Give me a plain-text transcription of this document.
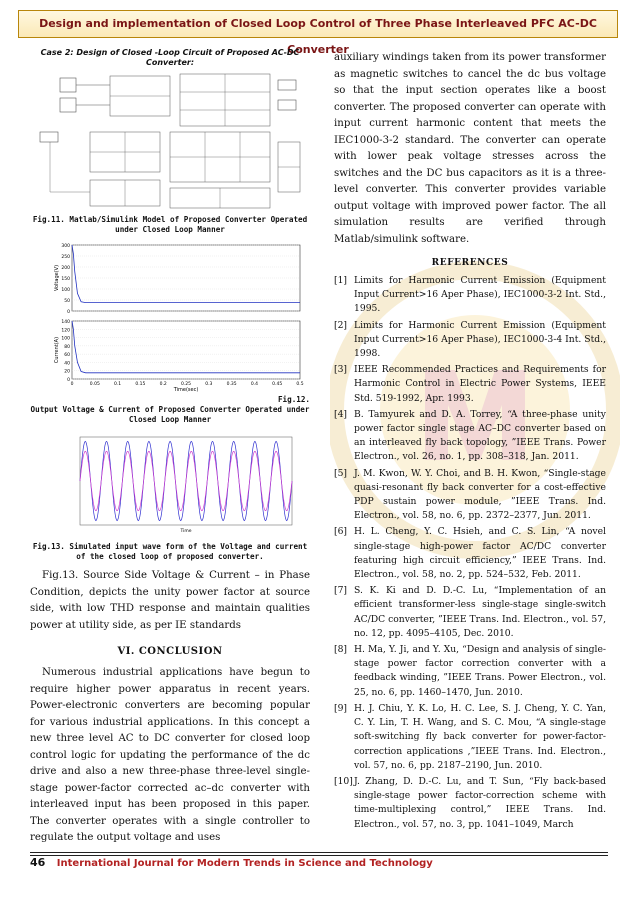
Design and implementation of Closed Loop Control of Three Phase Interleaved PFC AC-DC Converter

Case 2: Design of Closed -Loop Circuit of Proposed AC-DC Converter:

Fig.11. Matlab/Simulink Model of Proposed Converter Operated under Closed Loop Manner

0
50
100
150
200
250
300
Voltage(V)
0
20
40
60
80
100
120
140
0	0.05	0.1	0.15	0.2	0.25	0.3	0.35	0.4	0.45	0.5
Current(A)
Time(sec)
Fig.12.
Output Voltage & Current of Proposed Converter Operated under Closed Loop Manner
Time

Fig.13. Simulated input wave form of the Voltage and current of the closed loop of proposed converter.

Fig.13. Source Side Voltage & Current – in Phase Condition, depicts the unity power factor at source side, with low THD response and maintain qualities power at utility side, as per IE standards

VI. CONCLUSION

Numerous industrial applications have begun to require higher power apparatus in recent years. Power-electronic converters are becoming popular for various industrial applications. In this concept a new three level AC to DC converter for closed loop control logic for updating the performance of the dc drive and also a new three-phase three-level single-stage power-factor corrected ac–dc converter with interleaved input has been proposed in this paper. The converter operates with a single controller to regulate the output voltage and uses

auxiliary windings taken from its power transformer as magnetic switches to cancel the dc bus voltage so that the input section operates like a boost converter. The proposed converter can operate with input current harmonic content that meets the IEC1000-3-2 standard. The converter can operate with lower peak voltage stresses across the switches and the DC bus capacitors as it is a three-level converter. This converter provides variable output voltage with improved power factor. The all simulation results are verified through Matlab/simulink software.

REFERENCES
[1] Limits for Harmonic Current Emission (Equipment Input Current>16 Aper Phase), IEC1000-3-2 Int. Std., 1995.
[2] Limits for Harmonic Current Emission (Equipment Input Current>16 Aper Phase), IEC1000-3-4 Int. Std., 1998.
[3] IEEE Recommended Practices and Requirements for Harmonic Control in Electric Power Systems, IEEE Std. 519-1992, Apr. 1993.
[4] B. Tamyurek and D. A. Torrey, “A three-phase unity power factor single stage AC–DC converter based on an interleaved fly back topology, ”IEEE Trans. Power Electron., vol. 26, no. 1, pp. 308–318, Jan. 2011.
[5] J. M. Kwon, W. Y. Choi, and B. H. Kwon, “Single-stage quasi-resonant fly back converter for a cost-effective PDP sustain power module, ”IEEE Trans. Ind. Electron., vol. 58, no. 6, pp. 2372–2377, Jun. 2011.
[6] H. L. Cheng, Y. C. Hsieh, and C. S. Lin, “A novel single-stage high-power factor AC/DC converter featuring high circuit efficiency,” IEEE Trans. Ind. Electron., vol. 58, no. 2, pp. 524–532, Feb. 2011.
[7] S. K. Ki and D. D.-C. Lu, “Implementation of an efficient transformer-less single-stage single-switch AC/DC converter, ”IEEE Trans. Ind. Electron., vol. 57, no. 12, pp. 4095–4105, Dec. 2010.
[8] H. Ma, Y. Ji, and Y. Xu, “Design and analysis of single-stage power factor correction converter with a feedback winding, ”IEEE Trans. Power Electron., vol. 25, no. 6, pp. 1460–1470, Jun. 2010.
[9] H. J. Chiu, Y. K. Lo, H. C. Lee, S. J. Cheng, Y. C. Yan, C. Y. Lin, T. H. Wang, and S. C. Mou, “A single-stage soft-switching fly back converter for power-factor-correction applications ,”IEEE Trans. Ind. Electron., vol. 57, no. 6, pp. 2187–2190, Jun. 2010.
[10] J. Zhang, D. D.-C. Lu, and T. Sun, “Fly back-based single-stage power factor-correction scheme with time-multiplexing control,” IEEE Trans. Ind. Electron., vol. 57, no. 3, pp. 1041–1049, March
46 International Journal for Modern Trends in Science and Technology
